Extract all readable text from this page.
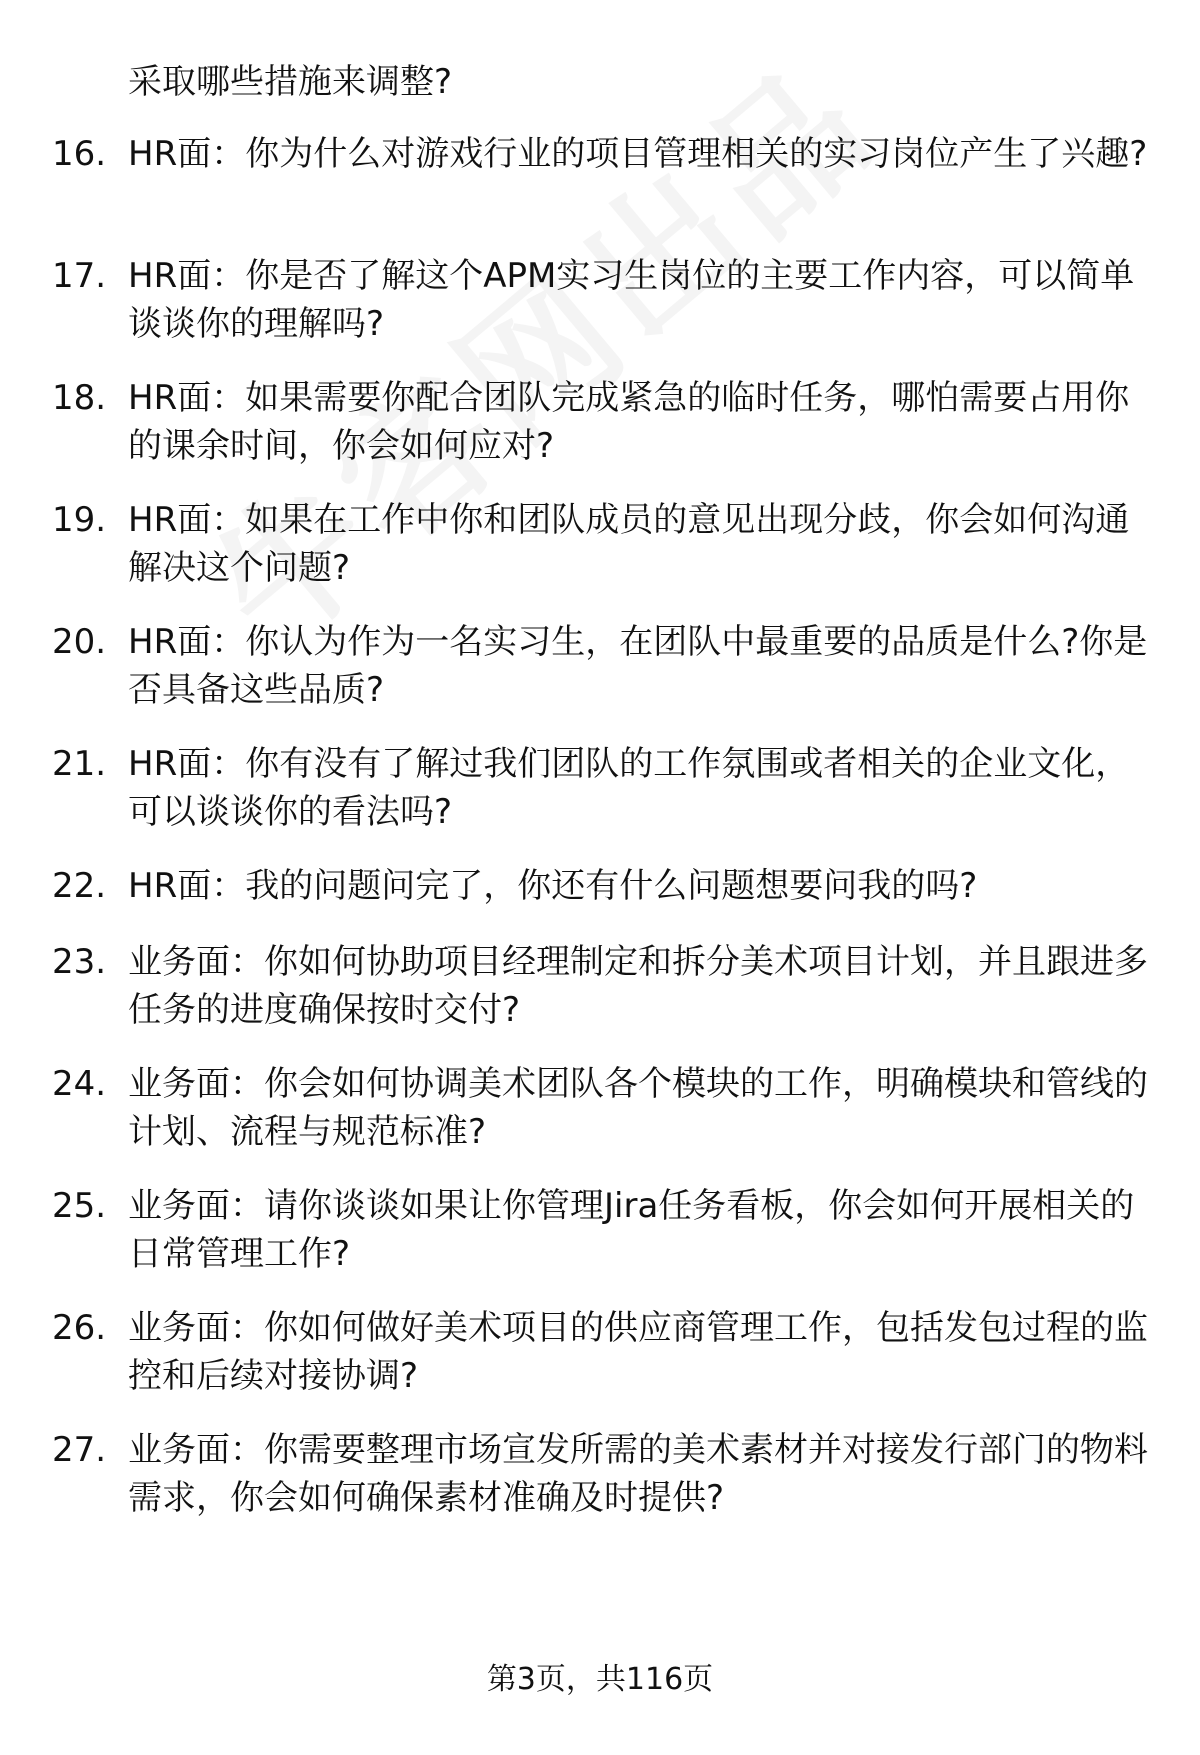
采取哪些措施来调整?
16. HR面：你为什么对游戏行业的项目管理相关的实习岗位产生了兴趣?
17. HR面：你是否了解这个APM实习生岗位的主要工作内容，可以简单谈谈你的理解吗?
18. HR面：如果需要你配合团队完成紧急的临时任务，哪怕需要占用你的课余时间，你会如何应对?
19. HR面：如果在工作中你和团队成员的意见出现分歧，你会如何沟通解决这个问题?
20. HR面：你认为作为一名实习生，在团队中最重要的品质是什么?你是否具备这些品质?
21. HR面：你有没有了解过我们团队的工作氛围或者相关的企业文化，可以谈谈你的看法吗?
22. HR面：我的问题问完了，你还有什么问题想要问我的吗?
23. 业务面：你如何协助项目经理制定和拆分美术项目计划，并且跟进多任务的进度确保按时交付?
24. 业务面：你会如何协调美术团队各个模块的工作，明确模块和管线的计划、流程与规范标准?
25. 业务面：请你谈谈如果让你管理Jira任务看板，你会如何开展相关的日常管理工作?
26. 业务面：你如何做好美术项目的供应商管理工作，包括发包过程的监控和后续对接协调?
27. 业务面：你需要整理市场宣发所需的美术素材并对接发行部门的物料需求，你会如何确保素材准确及时提供?
第3页，共116页
